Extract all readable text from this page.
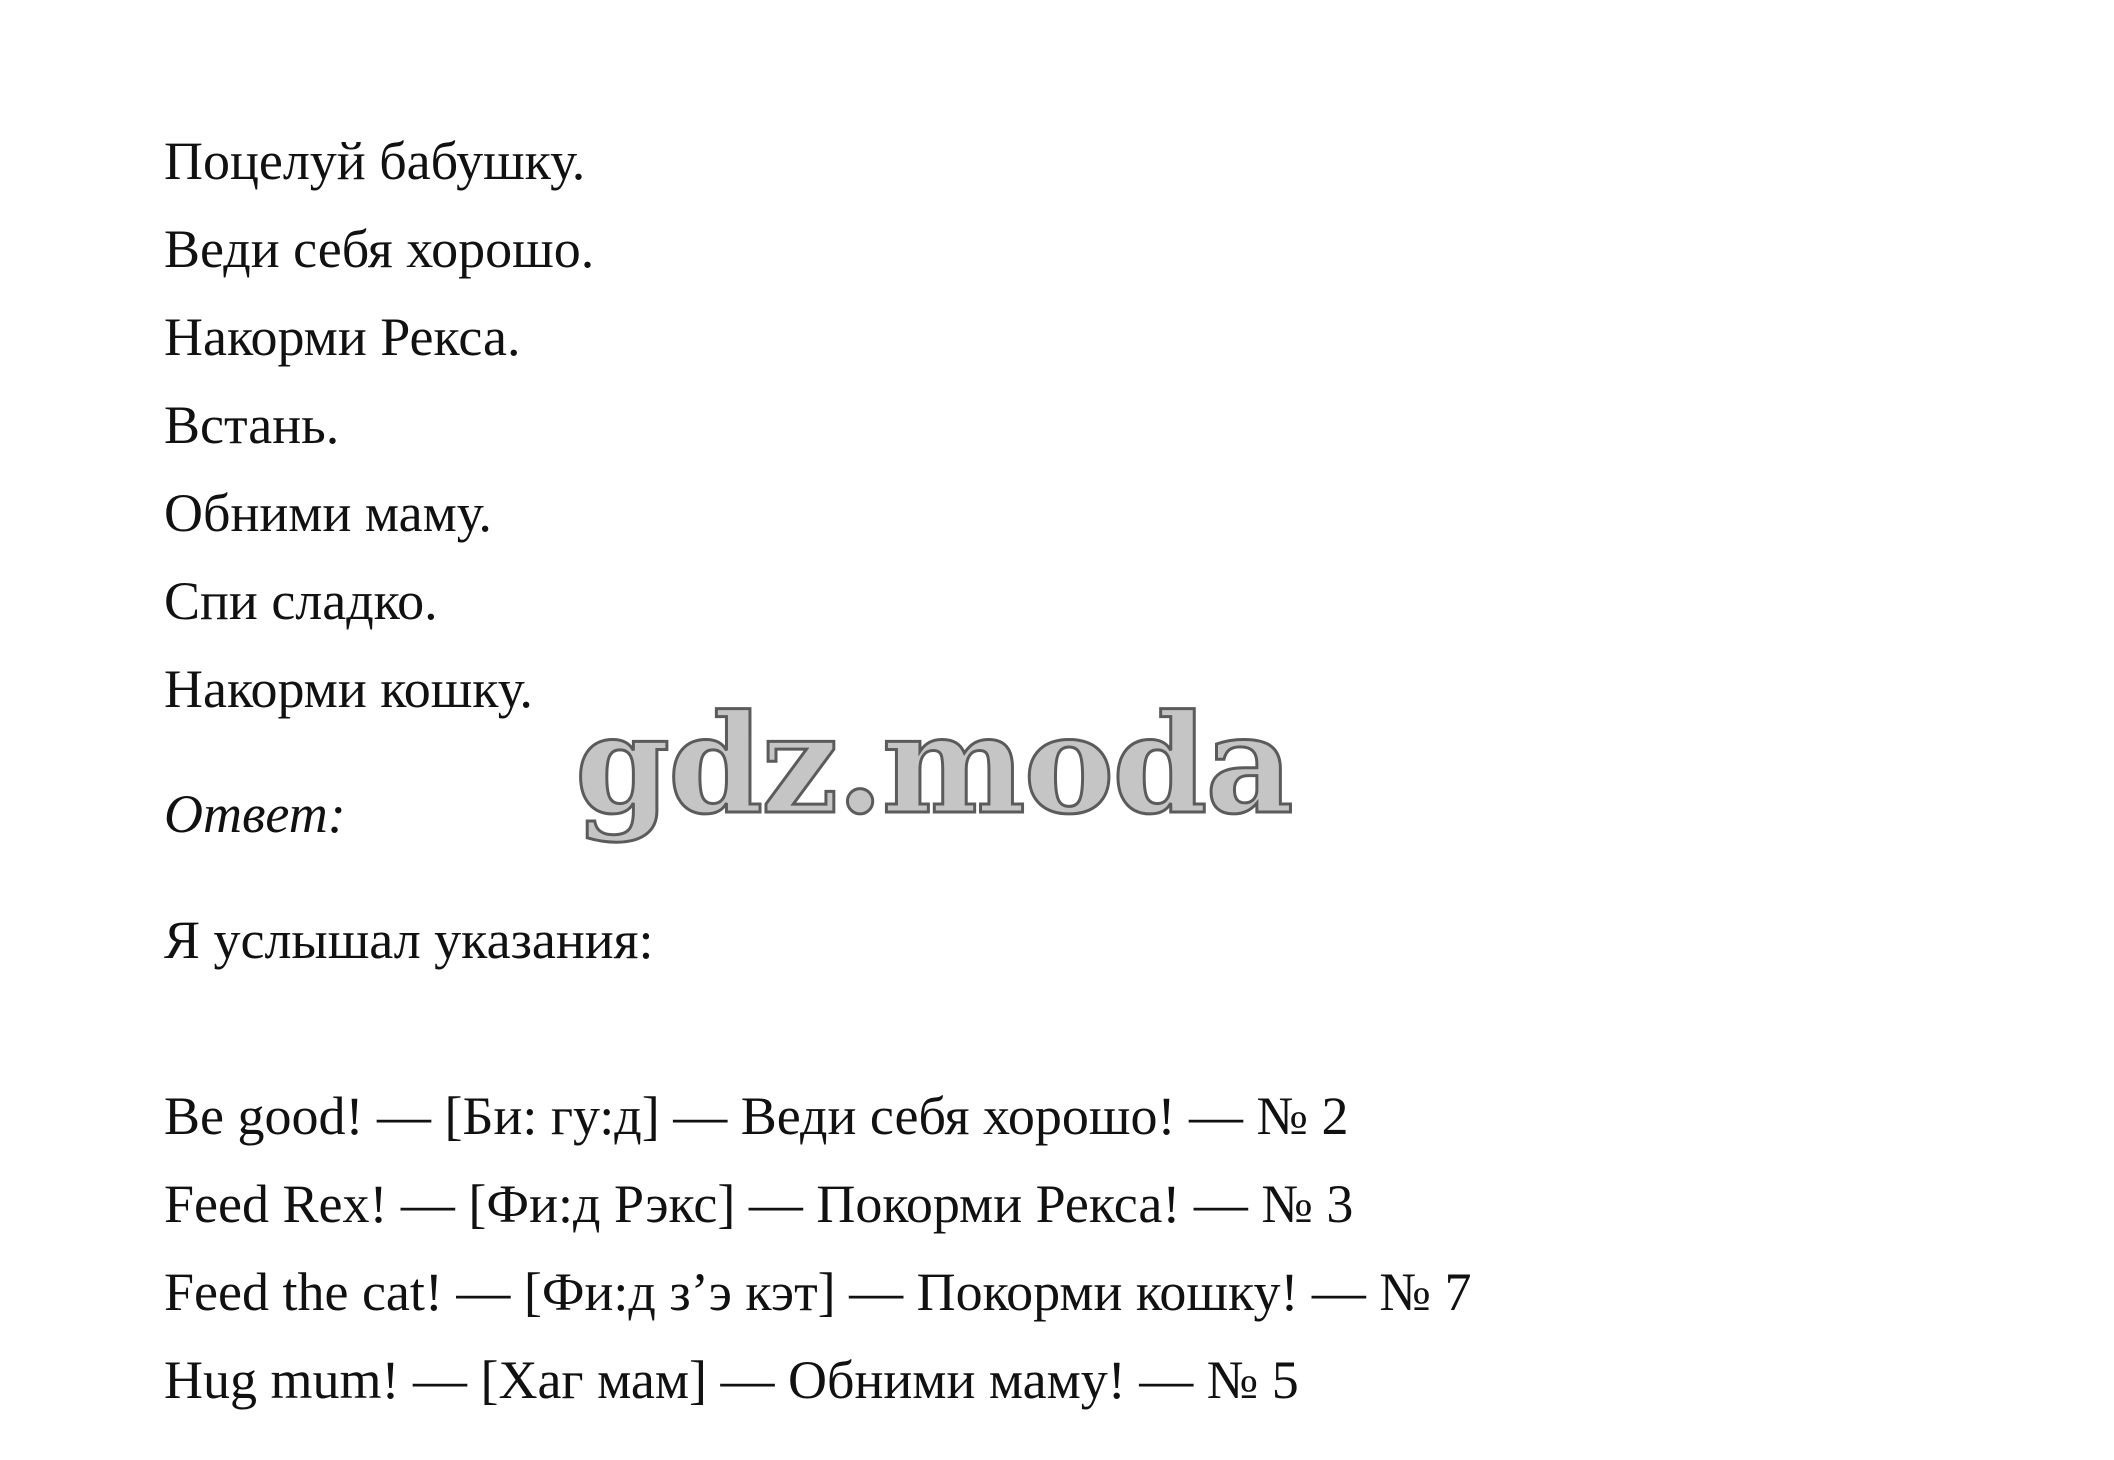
Поцелуй бабушку.
Веди себя хорошо.
Накорми Рекса.
Встань.
Обними маму.
Спи сладко.
Накорми кошку.
Ответ:
Я услышал указания:
Be good! — [Би: гу:д] — Веди себя хорошо! — № 2
Feed Rex! — [Фи:д Рэкс] — Покорми Рекса! — № 3
Feed the cat! — [Фи:д з’э кэт] — Покорми кошку! — № 7
Hug mum! — [Хаг мам] — Обними маму! — № 5
gdz.moda
